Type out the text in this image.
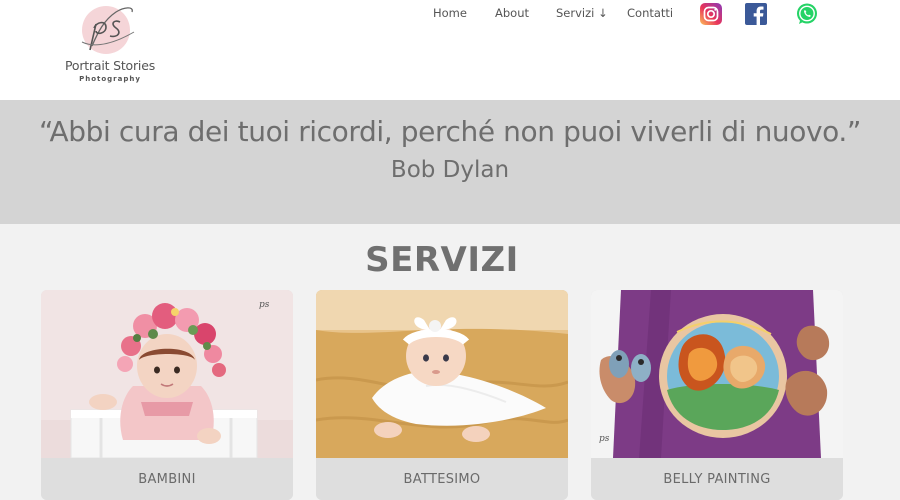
Portrait Stories
Photography
Home About Servizi ↓ Contatti
“Abbi cura dei tuoi ricordi, perché non puoi viverli di nuovo.”
Bob Dylan
SERVIZI
ps
BAMBINI	BATTESIMO
ps
BELLY PAINTING
